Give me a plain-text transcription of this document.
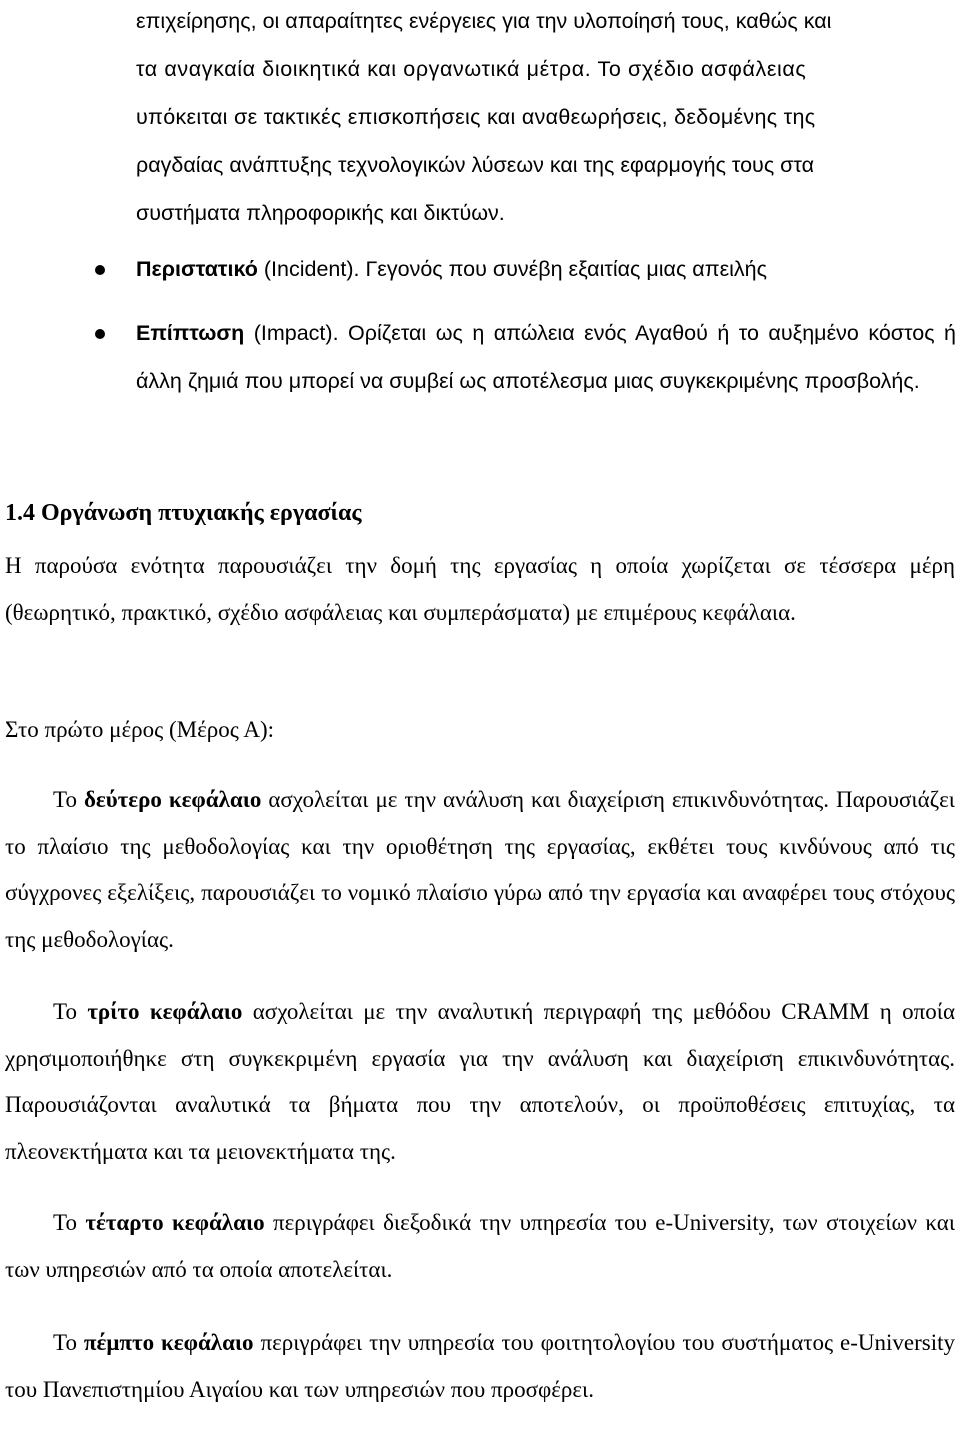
επιχείρησης, οι απαραίτητες ενέργειες για την υλοποίησή τους, καθώς και
τα αναγκαία διοικητικά και οργανωτικά μέτρα. Το σχέδιο ασφάλειας
υπόκειται σε τακτικές επισκοπήσεις και αναθεωρήσεις, δεδομένης της
ραγδαίας ανάπτυξης τεχνολογικών λύσεων και της εφαρμογής τους στα
συστήματα πληροφορικής και δικτύων.
Περιστατικό (Incident). Γεγονός που συνέβη εξαιτίας μιας απειλής
Επίπτωση (Impact). Ορίζεται ως η απώλεια ενός Αγαθού ή το αυξημένο κόστος ή άλλη ζημιά που μπορεί να συμβεί ως αποτέλεσμα μιας συγκεκριμένης προσβολής.
1.4 Οργάνωση πτυχιακής εργασίας

Η παρούσα ενότητα παρουσιάζει την δομή της εργασίας η οποία χωρίζεται σε τέσσερα μέρη (θεωρητικό, πρακτικό, σχέδιο ασφάλειας και συμπεράσματα) με επιμέρους κεφάλαια.

Στο πρώτο μέρος (Μέρος Α):

Το δεύτερο κεφάλαιο ασχολείται με την ανάλυση και διαχείριση επικινδυνότητας. Παρουσιάζει το πλαίσιο της μεθοδολογίας και την οριοθέτηση της εργασίας, εκθέτει τους κινδύνους από τις σύγχρονες εξελίξεις, παρουσιάζει το νομικό πλαίσιο γύρω από την εργασία και αναφέρει τους στόχους της μεθοδολογίας.

Το τρίτο κεφάλαιο ασχολείται με την αναλυτική περιγραφή της μεθόδου CRAMM η οποία χρησιμοποιήθηκε στη συγκεκριμένη εργασία για την ανάλυση και διαχείριση επικινδυνότητας. Παρουσιάζονται αναλυτικά τα βήματα που την αποτελούν, οι προϋποθέσεις επιτυχίας, τα πλεονεκτήματα και τα μειονεκτήματα της.

Το τέταρτο κεφάλαιο περιγράφει διεξοδικά την υπηρεσία του e-University, των στοιχείων και των υπηρεσιών από τα οποία αποτελείται.

Το πέμπτο κεφάλαιο περιγράφει την υπηρεσία του φοιτητολογίου του συστήματος e-University του Πανεπιστημίου Αιγαίου και των υπηρεσιών που προσφέρει.
